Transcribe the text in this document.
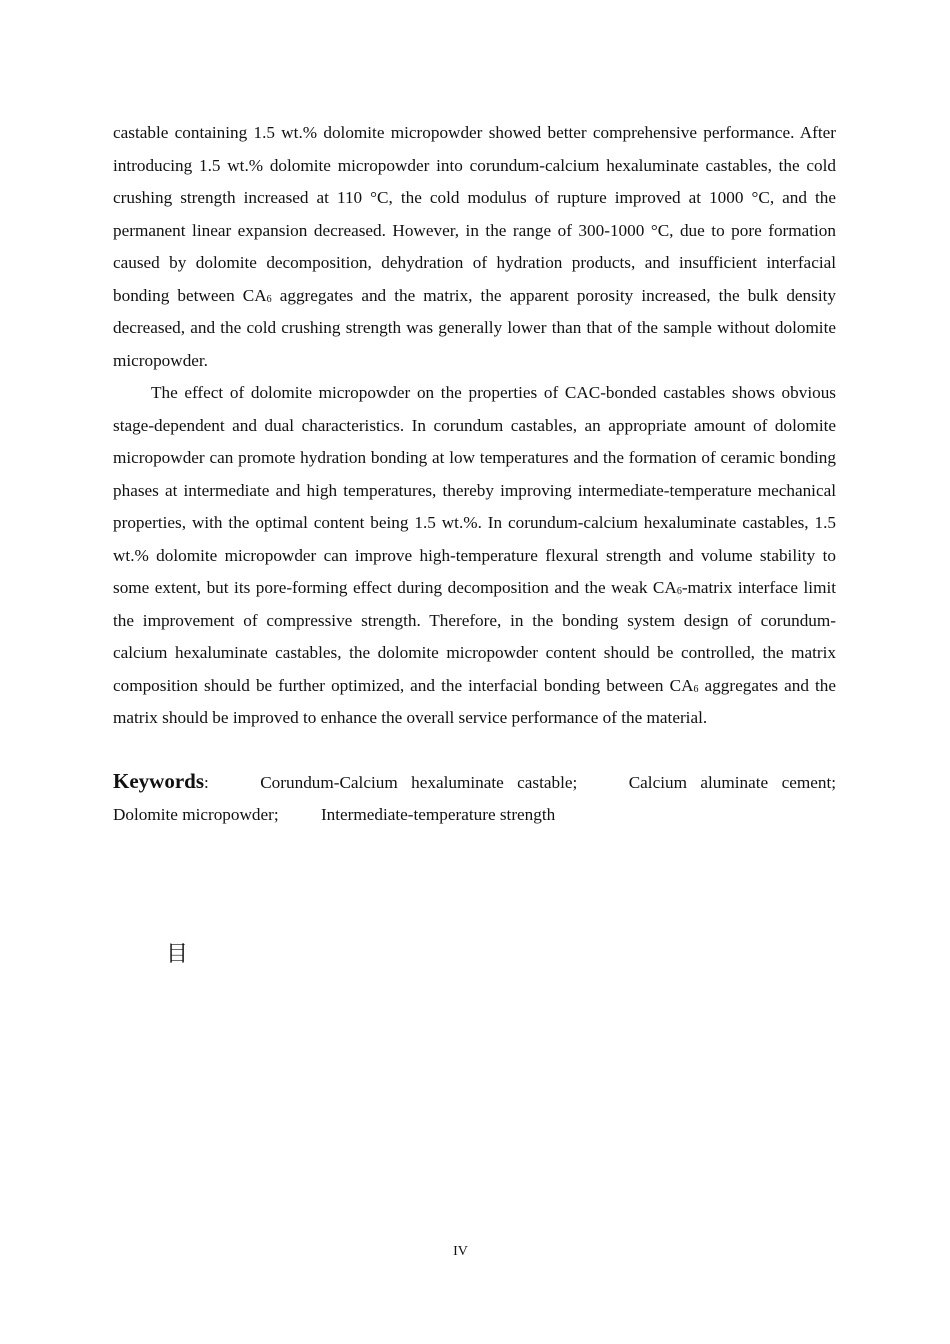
castable containing 1.5 wt.% dolomite micropowder showed better comprehensive performance. After introducing 1.5 wt.% dolomite micropowder into corundum-calcium hexaluminate castables, the cold crushing strength increased at 110 °C, the cold modulus of rupture improved at 1000 °C, and the permanent linear expansion decreased. However, in the range of 300-1000 °C, due to pore formation caused by dolomite decomposition, dehydration of hydration products, and insufficient interfacial bonding between $CA_6$ aggregates and the matrix, the apparent porosity increased, the bulk density decreased, and the cold crushing strength was generally lower than that of the sample without dolomite micropowder.

The effect of dolomite micropowder on the properties of CAC-bonded castables shows obvious stage-dependent and dual characteristics. In corundum castables, an appropriate amount of dolomite micropowder can promote hydration bonding at low temperatures and the formation of ceramic bonding phases at intermediate and high temperatures, thereby improving intermediate-temperature mechanical properties, with the optimal content being 1.5 wt.%. In corundum-calcium hexaluminate castables, 1.5 wt.% dolomite micropowder can improve high-temperature flexural strength and volume stability to some extent, but its pore-forming effect during decomposition and the weak $CA_6$-matrix interface limit the improvement of compressive strength. Therefore, in the bonding system design of corundum-calcium hexaluminate castables, the dolomite micropowder content should be controlled, the matrix composition should be further optimized, and the interfacial bonding between $CA_6$ aggregates and the matrix should be improved to enhance the overall service performance of the material.

Keywords:	Corundum-Calcium hexaluminate castable;	Calcium aluminate cement; Dolomite micropowder; Intermediate-temperature strength

目
IV
